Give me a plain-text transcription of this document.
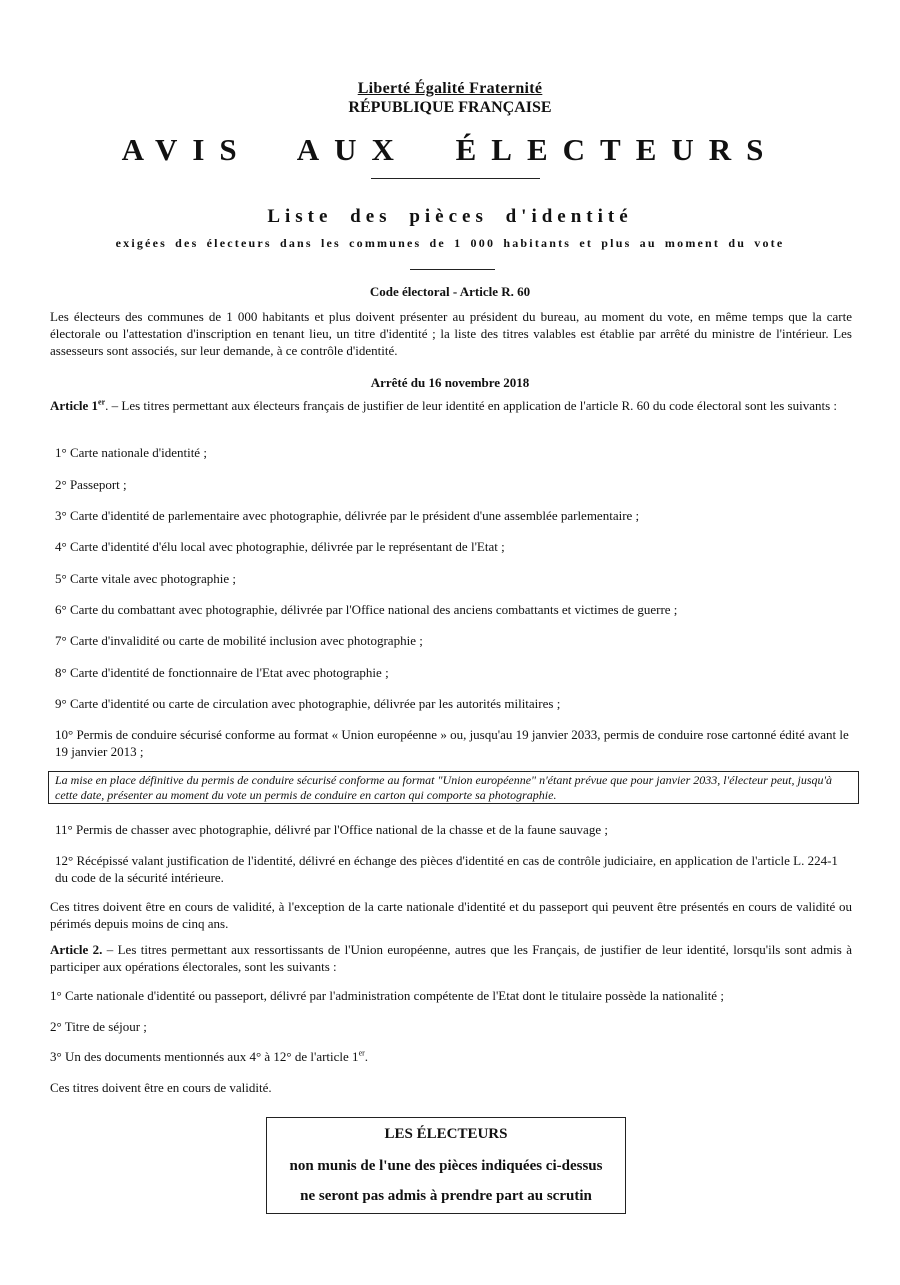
Liberté Égalité Fraternité
RÉPUBLIQUE FRANÇAISE
AVIS AUX ÉLECTEURS
Liste des pièces d'identité
exigées des électeurs dans les communes de 1 000 habitants et plus au moment du vote
Code électoral - Article R. 60
Les électeurs des communes de 1 000 habitants et plus doivent présenter au président du bureau, au moment du vote, en même temps que la carte électorale ou l'attestation d'inscription en tenant lieu, un titre d'identité ; la liste des titres valables est établie par arrêté du ministre de l'intérieur. Les assesseurs sont associés, sur leur demande, à ce contrôle d'identité.
Arrêté du 16 novembre 2018
Article 1er. – Les titres permettant aux électeurs français de justifier de leur identité en application de l'article R. 60 du code électoral sont les suivants :
1° Carte nationale d'identité ;
2° Passeport ;
3° Carte d'identité de parlementaire avec photographie, délivrée par le président d'une assemblée parlementaire ;
4° Carte d'identité d'élu local avec photographie, délivrée par le représentant de l'Etat ;
5° Carte vitale avec photographie ;
6° Carte du combattant avec photographie, délivrée par l'Office national des anciens combattants et victimes de guerre ;
7° Carte d'invalidité ou carte de mobilité inclusion avec photographie ;
8° Carte d'identité de fonctionnaire de l'Etat avec photographie ;
9° Carte d'identité ou carte de circulation avec photographie, délivrée par les autorités militaires ;
10° Permis de conduire sécurisé conforme au format « Union européenne » ou, jusqu'au 19 janvier 2033, permis de conduire rose cartonné édité avant le 19 janvier 2013 ;
La mise en place définitive du permis de conduire sécurisé conforme au format "Union européenne" n'étant prévue que pour janvier 2033, l'électeur peut, jusqu'à cette date, présenter au moment du vote un permis de conduire en carton qui comporte sa photographie.
11° Permis de chasser avec photographie, délivré par l'Office national de la chasse et de la faune sauvage ;
12° Récépissé valant justification de l'identité, délivré en échange des pièces d'identité en cas de contrôle judiciaire, en application de l'article L. 224-1 du code de la sécurité intérieure.
Ces titres doivent être en cours de validité, à l'exception de la carte nationale d'identité et du passeport qui peuvent être présentés en cours de validité ou périmés depuis moins de cinq ans.
Article 2. – Les titres permettant aux ressortissants de l'Union européenne, autres que les Français, de justifier de leur identité, lorsqu'ils sont admis à participer aux opérations électorales, sont les suivants :
1° Carte nationale d'identité ou passeport, délivré par l'administration compétente de l'Etat dont le titulaire possède la nationalité ;
2° Titre de séjour ;
3° Un des documents mentionnés aux 4° à 12° de l'article 1er.
Ces titres doivent être en cours de validité.
LES ÉLECTEURS
non munis de l'une des pièces indiquées ci-dessus
ne seront pas admis à prendre part au scrutin
